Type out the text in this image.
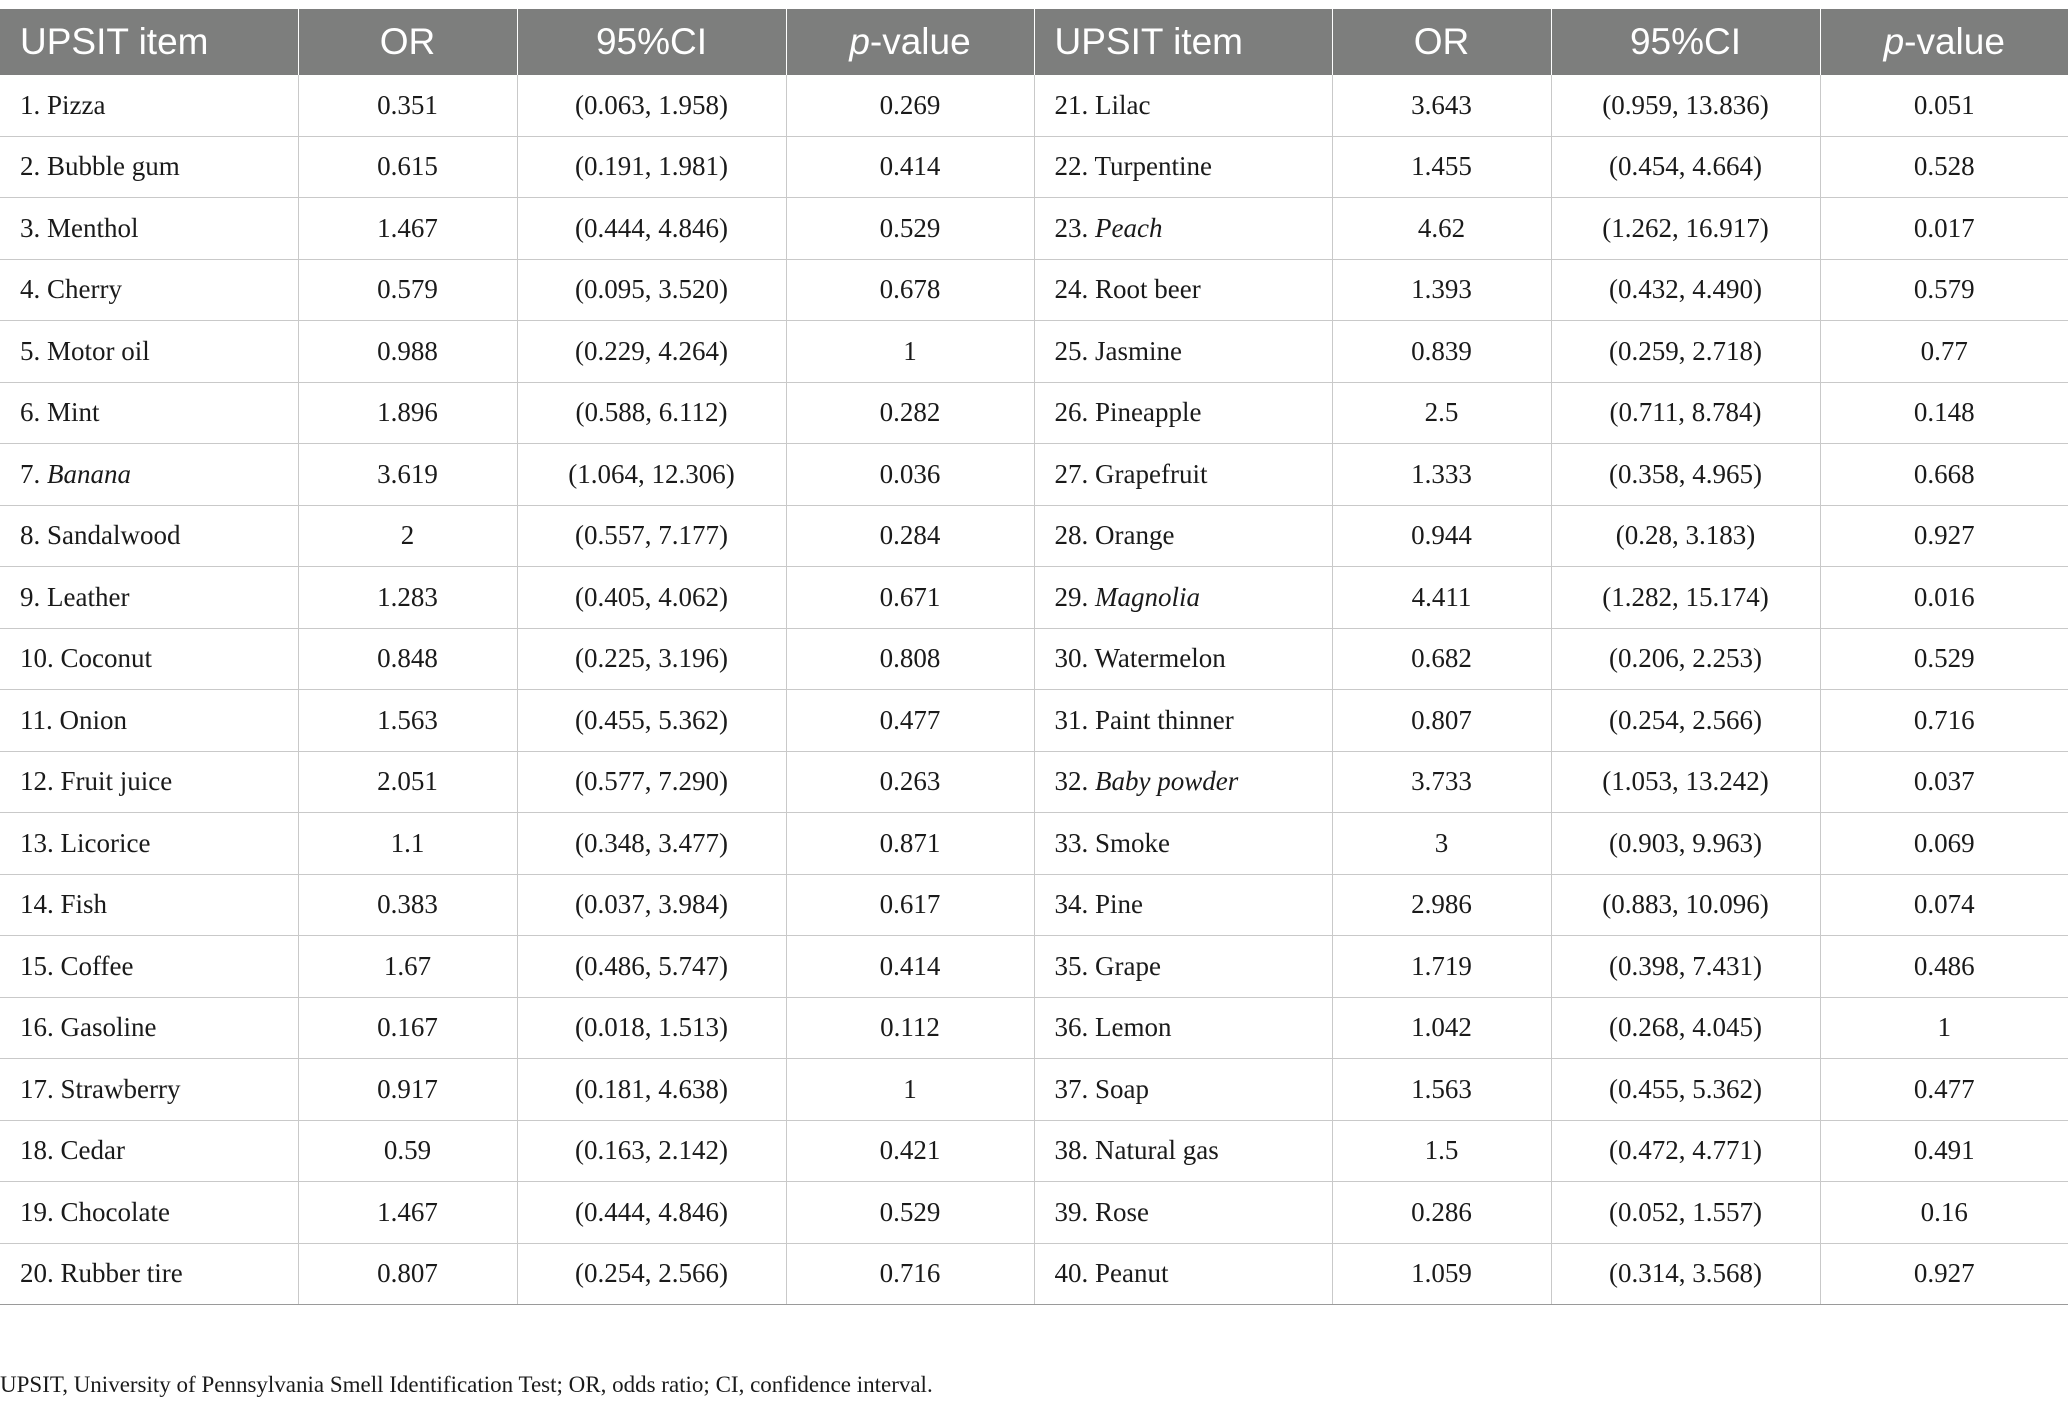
UPSIT item	OR	95%CI	p-value	UPSIT item	OR	95%CI	p-value
1. Pizza	0.351	(0.063, 1.958)	0.269	21. Lilac	3.643	(0.959, 13.836)	0.051
2. Bubble gum	0.615	(0.191, 1.981)	0.414	22. Turpentine	1.455	(0.454, 4.664)	0.528
3. Menthol	1.467	(0.444, 4.846)	0.529	23. Peach	4.62	(1.262, 16.917)	0.017
4. Cherry	0.579	(0.095, 3.520)	0.678	24. Root beer	1.393	(0.432, 4.490)	0.579
5. Motor oil	0.988	(0.229, 4.264)	1	25. Jasmine	0.839	(0.259, 2.718)	0.77
6. Mint	1.896	(0.588, 6.112)	0.282	26. Pineapple	2.5	(0.711, 8.784)	0.148
7. Banana	3.619	(1.064, 12.306)	0.036	27. Grapefruit	1.333	(0.358, 4.965)	0.668
8. Sandalwood	2	(0.557, 7.177)	0.284	28. Orange	0.944	(0.28, 3.183)	0.927
9. Leather	1.283	(0.405, 4.062)	0.671	29. Magnolia	4.411	(1.282, 15.174)	0.016
10. Coconut	0.848	(0.225, 3.196)	0.808	30. Watermelon	0.682	(0.206, 2.253)	0.529
11. Onion	1.563	(0.455, 5.362)	0.477	31. Paint thinner	0.807	(0.254, 2.566)	0.716
12. Fruit juice	2.051	(0.577, 7.290)	0.263	32. Baby powder	3.733	(1.053, 13.242)	0.037
13. Licorice	1.1	(0.348, 3.477)	0.871	33. Smoke	3	(0.903, 9.963)	0.069
14. Fish	0.383	(0.037, 3.984)	0.617	34. Pine	2.986	(0.883, 10.096)	0.074
15. Coffee	1.67	(0.486, 5.747)	0.414	35. Grape	1.719	(0.398, 7.431)	0.486
16. Gasoline	0.167	(0.018, 1.513)	0.112	36. Lemon	1.042	(0.268, 4.045)	1
17. Strawberry	0.917	(0.181, 4.638)	1	37. Soap	1.563	(0.455, 5.362)	0.477
18. Cedar	0.59	(0.163, 2.142)	0.421	38. Natural gas	1.5	(0.472, 4.771)	0.491
19. Chocolate	1.467	(0.444, 4.846)	0.529	39. Rose	0.286	(0.052, 1.557)	0.16
20. Rubber tire	0.807	(0.254, 2.566)	0.716	40. Peanut	1.059	(0.314, 3.568)	0.927
UPSIT, University of Pennsylvania Smell Identification Test; OR, odds ratio; CI, confidence interval.
